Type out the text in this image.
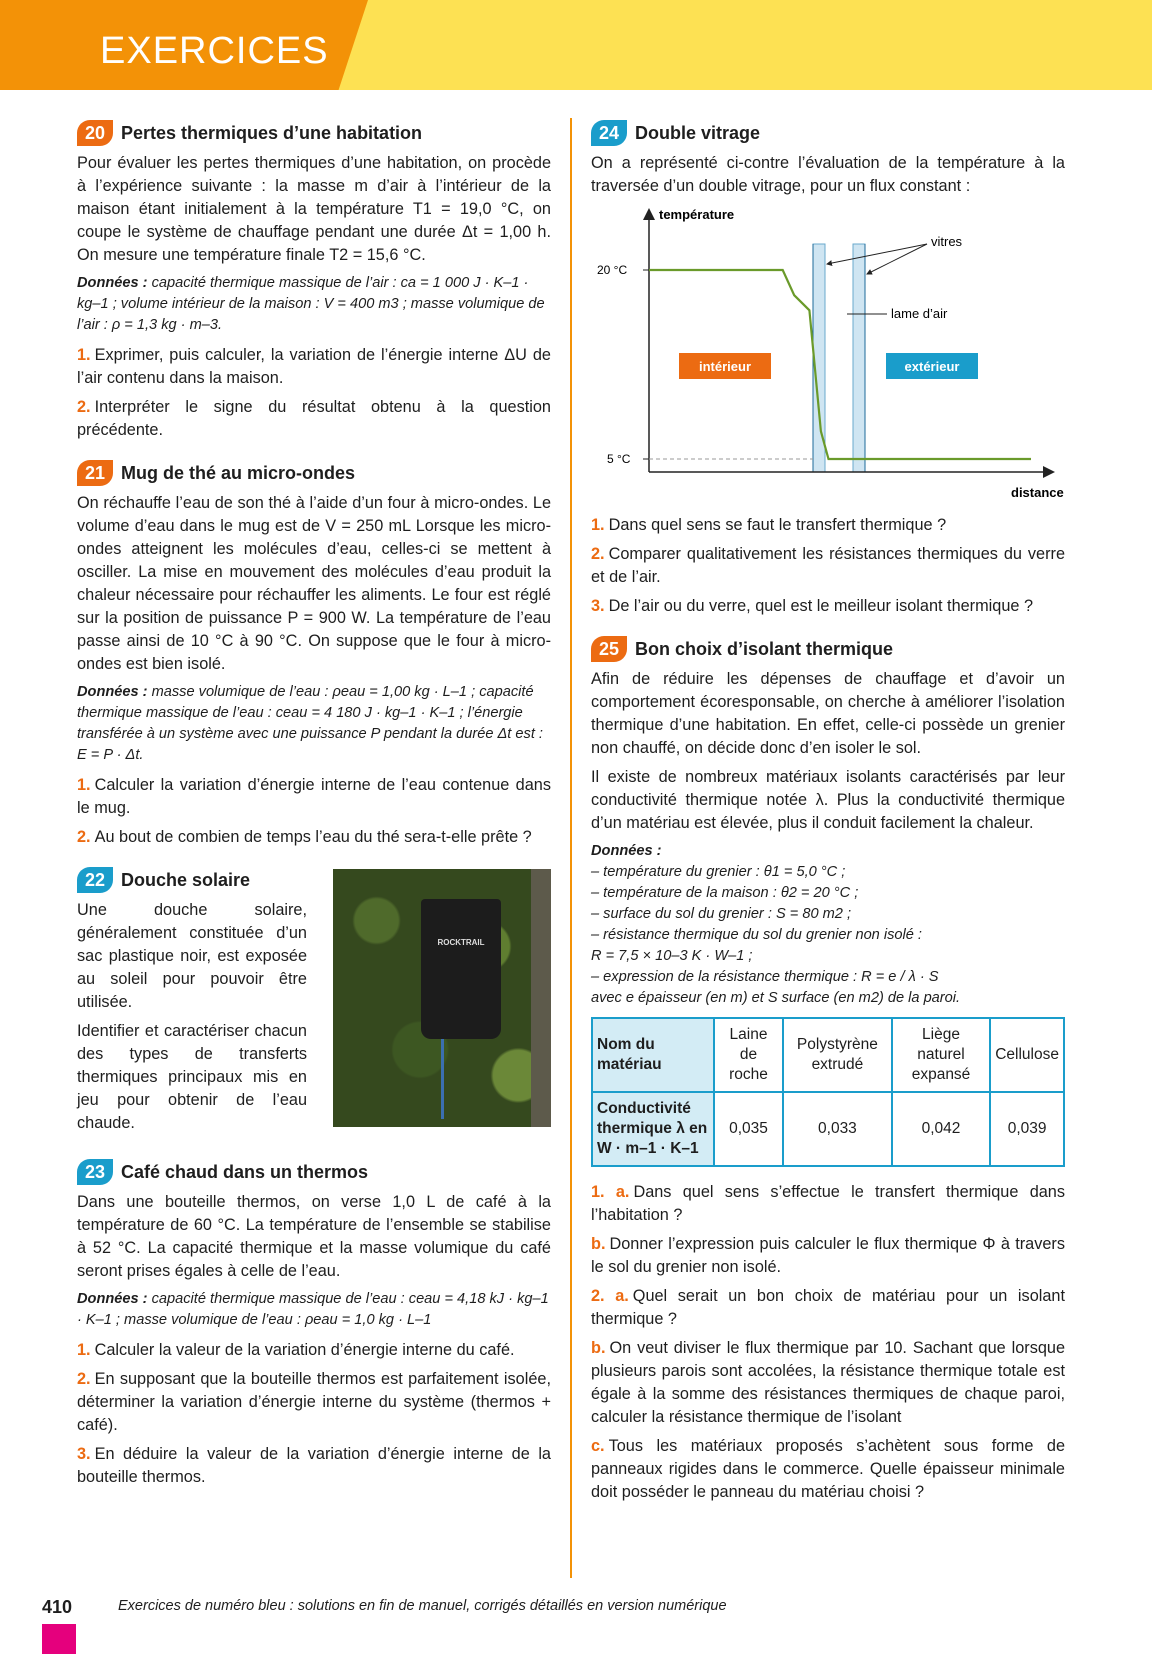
EXERCICES
20 Pertes thermiques d’une habitation

Pour évaluer les pertes thermiques d’une habitation, on procède à l’expérience suivante : la masse m d’air à l’intérieur de la maison étant initialement à la température T1 = 19,0 °C, on coupe le système de chauffage pendant une durée Δt = 1,00 h. On mesure une température finale T2 = 15,6 °C.

Données : capacité thermique massique de l’air : ca = 1 000 J · K–1 · kg–1 ; volume intérieur de la maison : V = 400 m3 ; masse volumique de l’air : ρ = 1,3 kg · m–3.

1. Exprimer, puis calculer, la variation de l’énergie interne ΔU de l’air contenu dans la maison.

2. Interpréter le signe du résultat obtenu à la question précédente.

21 Mug de thé au micro-ondes

On réchauffe l’eau de son thé à l’aide d’un four à micro-ondes. Le volume d’eau dans le mug est de V = 250 mL Lorsque les micro-ondes atteignent les molécules d’eau, celles-ci se mettent à osciller. La mise en mouvement des molécules d’eau produit la chaleur nécessaire pour réchauffer les aliments. Le four est réglé sur la position de puissance P = 900 W. La température de l’eau passe ainsi de 10 °C à 90 °C. On suppose que le four à micro-ondes est bien isolé.

Données : masse volumique de l’eau : ρeau = 1,00 kg · L–1 ; capacité thermique massique de l’eau : ceau = 4 180 J · kg–1 · K–1 ; l’énergie transférée à un système avec une puissance P pendant la durée Δt est : E = P · Δt.

1. Calculer la variation d’énergie interne de l’eau contenue dans le mug.

2. Au bout de combien de temps l’eau du thé sera-t-elle prête ?

22 Douche solaire

Une douche solaire, généralement constituée d’un sac plastique noir, est exposée au soleil pour pouvoir être utilisée.

Identifier et caractériser chacun des types de transferts thermiques principaux mis en jeu pour obtenir de l’eau chaude.

ROCKTRAIL
23 Café chaud dans un thermos

Dans une bouteille thermos, on verse 1,0 L de café à la température de 60 °C. La température de l’ensemble se stabilise à 52 °C. La capacité thermique et la masse volumique du café seront prises égales à celle de l’eau.

Données : capacité thermique massique de l’eau : ceau = 4,18 kJ · kg–1 · K–1 ; masse volumique de l’eau : ρeau = 1,0 kg · L–1

1. Calculer la valeur de la variation d’énergie interne du café.

2. En supposant que la bouteille thermos est parfaitement isolée, déterminer la variation d’énergie interne du système (thermos + café).

3. En déduire la valeur de la variation d’énergie interne de la bouteille thermos.

24 Double vitrage

On a représenté ci-contre l’évaluation de la température à la traversée d’un double vitrage, pour un flux constant :

température
distance
20 °C
5 °C
vitres
lame d’air
intérieur	extérieur

1. Dans quel sens se faut le transfert thermique ?

2. Comparer qualitativement les résistances thermiques du verre et de l’air.

3. De l’air ou du verre, quel est le meilleur isolant thermique ?

25 Bon choix d’isolant thermique

Afin de réduire les dépenses de chauffage et d’avoir un comportement écoresponsable, on cherche à améliorer l’isolation thermique d’une habitation. En effet, celle-ci possède un grenier non chauffé, on décide donc d’en isoler le sol.

Il existe de nombreux matériaux isolants caractérisés par leur conductivité thermique notée λ. Plus la conductivité thermique d’un matériau est élevée, plus il conduit facilement la chaleur.

Données :
– température du grenier : θ1 = 5,0 °C ;
– température de la maison : θ2 = 20 °C ;
– surface du sol du grenier : S = 80 m2 ;
– résistance thermique du sol du grenier non isolé :
R = 7,5 × 10–3 K · W–1 ;
– expression de la résistance thermique : R = e / λ · S
avec e épaisseur (en m) et S surface (en m2) de la paroi.
Nom du matériau	Laine de roche	Polystyrène extrudé	Liège naturel expansé	Cellulose
Conductivité thermique λ en W · m–1 · K–1	0,035	0,033	0,042	0,039

1. a. Dans quel sens s’effectue le transfert thermique dans l’habitation ?

b. Donner l’expression puis calculer le flux thermique Φ à travers le sol du grenier non isolé.

2. a. Quel serait un bon choix de matériau pour un isolant thermique ?

b. On veut diviser le flux thermique par 10. Sachant que lorsque plusieurs parois sont accolées, la résistance thermique totale est égale à la somme des résistances thermiques de chaque paroi, calculer la résistance thermique de l’isolant

c. Tous les matériaux proposés s’achètent sous forme de panneaux rigides dans le commerce. Quelle épaisseur minimale doit posséder le panneau du matériau choisi ?

410	Exercices de numéro bleu : solutions en fin de manuel, corrigés détaillés en version numérique
